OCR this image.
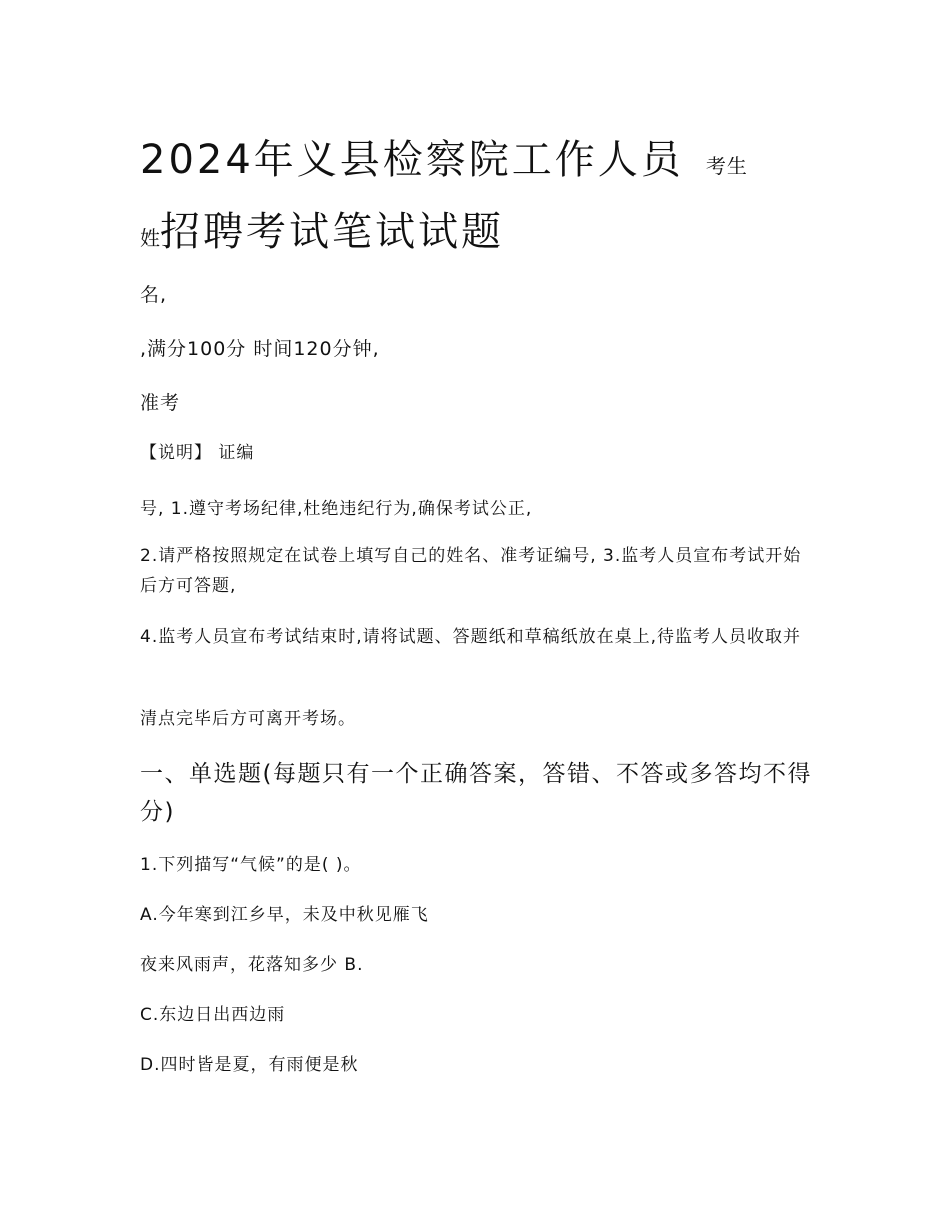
2024年义县检察院工作人员 考生
姓招聘考试笔试试题
名,
,满分100分 时间120分钟,
准考
【说明】 证编
号, 1.遵守考场纪律,杜绝违纪行为,确保考试公正,
2.请严格按照规定在试卷上填写自己的姓名、准考证编号, 3.监考人员宣布考试开始后方可答题,
4.监考人员宣布考试结束时,请将试题、答题纸和草稿纸放在桌上,待监考人员收取并
清点完毕后方可离开考场。
一、单选题(每题只有一个正确答案，答错、不答或多答均不得分)
1.下列描写“气候”的是( )。
A.今年寒到江乡早，未及中秋见雁飞
夜来风雨声，花落知多少 B.
C.东边日出西边雨
D.四时皆是夏，有雨便是秋
